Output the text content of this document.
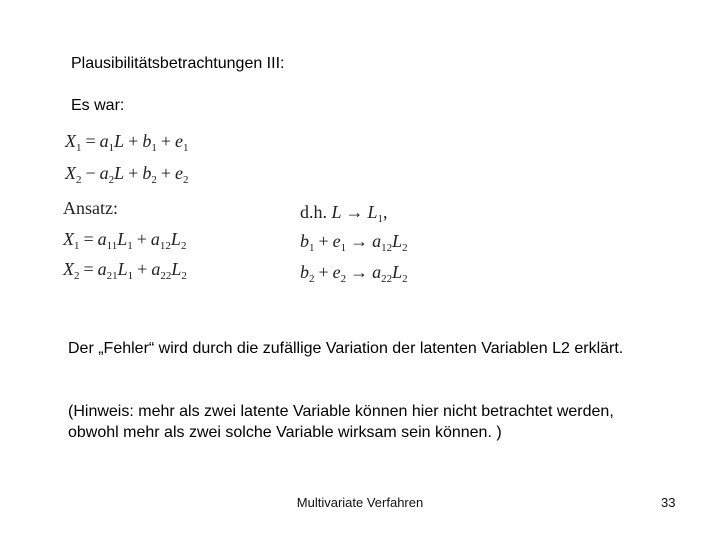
Plausibilitätsbetrachtungen III:
Es war:
$X_1 = a_1L + b_1 + e_1$
$X_2 - a_2L + b_2 + e_2$
Ansatz:
$X_1 = a_{11}L_1 + a_{12}L_2$
$X_2 = a_{21}L_1 + a_{22}L_2$
d.h. $L \to L_1$,
$b_1 + e_1 \to a_{12}L_2$
$b_2 + e_2 \to a_{22}L_2$
Der „Fehler“ wird durch die zufällige Variation der latenten Variablen L2 erklärt.
(Hinweis: mehr als zwei latente Variable können hier nicht betrachtet werden, obwohl mehr als zwei solche Variable wirksam sein können. )
Multivariate Verfahren	33
